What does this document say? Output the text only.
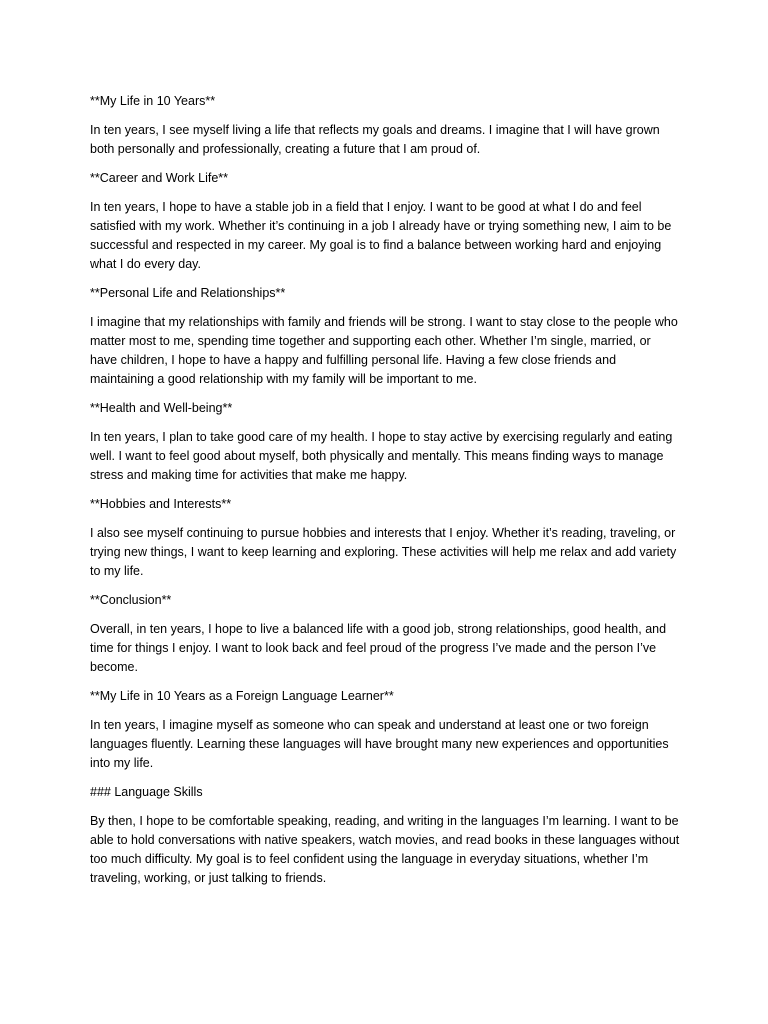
**My Life in 10 Years**

In ten years, I see myself living a life that reflects my goals and dreams. I imagine that I will have grown both personally and professionally, creating a future that I am proud of.

**Career and Work Life**

In ten years, I hope to have a stable job in a field that I enjoy. I want to be good at what I do and feel satisfied with my work. Whether it’s continuing in a job I already have or trying something new, I aim to be successful and respected in my career. My goal is to find a balance between working hard and enjoying what I do every day.

**Personal Life and Relationships**

I imagine that my relationships with family and friends will be strong. I want to stay close to the people who matter most to me, spending time together and supporting each other. Whether I’m single, married, or have children, I hope to have a happy and fulfilling personal life. Having a few close friends and maintaining a good relationship with my family will be important to me.

**Health and Well-being**

In ten years, I plan to take good care of my health. I hope to stay active by exercising regularly and eating well. I want to feel good about myself, both physically and mentally. This means finding ways to manage stress and making time for activities that make me happy.

**Hobbies and Interests**

I also see myself continuing to pursue hobbies and interests that I enjoy. Whether it’s reading, traveling, or trying new things, I want to keep learning and exploring. These activities will help me relax and add variety to my life.

**Conclusion**

Overall, in ten years, I hope to live a balanced life with a good job, strong relationships, good health, and time for things I enjoy. I want to look back and feel proud of the progress I’ve made and the person I’ve become.

**My Life in 10 Years as a Foreign Language Learner**

In ten years, I imagine myself as someone who can speak and understand at least one or two foreign languages fluently. Learning these languages will have brought many new experiences and opportunities into my life.

### Language Skills

By then, I hope to be comfortable speaking, reading, and writing in the languages I’m learning. I want to be able to hold conversations with native speakers, watch movies, and read books in these languages without too much difficulty. My goal is to feel confident using the language in everyday situations, whether I’m traveling, working, or just talking to friends.
